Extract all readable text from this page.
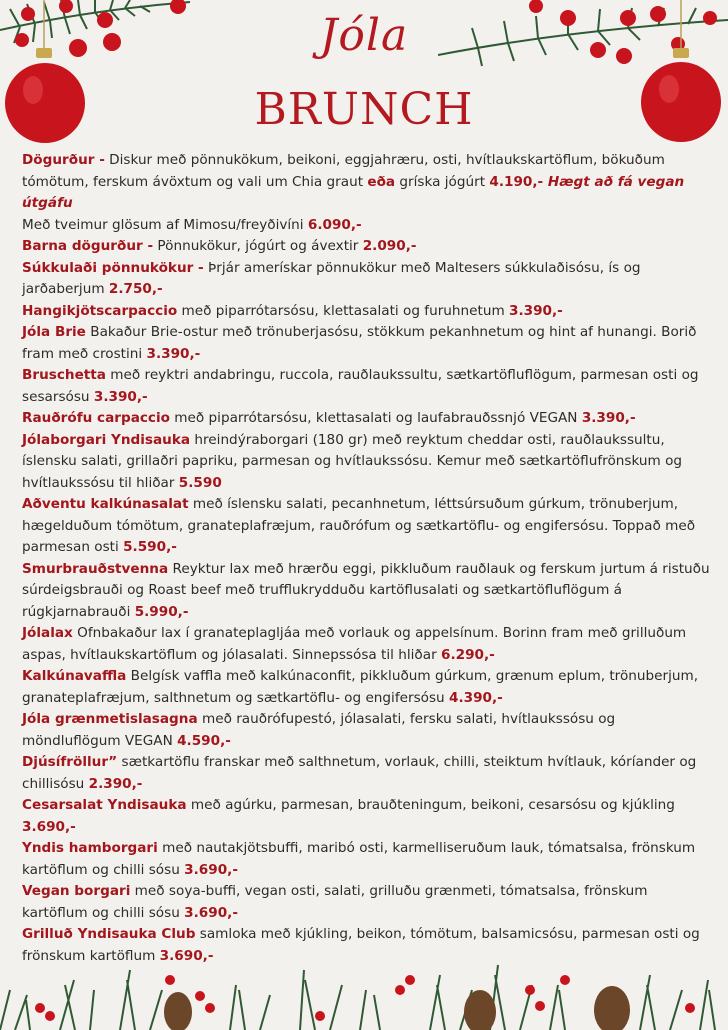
Jóla
BRUNCH

Dögurður - Diskur með pönnukökum, beikoni, eggjahræru, osti, hvítlaukskartöflum, bökuðum tómötum, ferskum ávöxtum og vali um Chia graut eða gríska jógúrt 4.190,- Hægt að fá vegan útgáfu

Með tveimur glösum af Mimosu/freyðivíni 6.090,-

Barna dögurður - Pönnukökur, jógúrt og ávextir 2.090,-

Súkkulaði pönnukökur - Þrjár amerískar pönnukökur með Maltesers súkkulaðisósu, ís og jarðaberjum 2.750,-

Hangikjötscarpaccio með piparrótarsósu, klettasalati og furuhnetum 3.390,-

Jóla Brie Bakaður Brie-ostur með trönuberjasósu, stökkum pekanhnetum og hint af hunangi. Borið fram með crostini 3.390,-

Bruschetta með reyktri andabringu, ruccola, rauðlaukssultu, sætkartöfluflögum, parmesan osti og sesarsósu 3.390,-

Rauðrófu carpaccio með piparrótarsósu, klettasalati og laufabrauðssnjó VEGAN 3.390,-

Jólaborgari Yndisauka hreindýraborgari (180 gr) með reyktum cheddar osti, rauðlaukssultu, íslensku salati, grillaðri papriku, parmesan og hvítlaukssósu. Kemur með sætkartöflufrönskum og hvítlaukssósu til hliðar 5.590

Aðventu kalkúnasalat með íslensku salati, pecanhnetum, léttsúrsuðum gúrkum, trönuberjum, hægelduðum tómötum, granateplafræjum, rauðrófum og sætkartöflu- og engifersósu. Toppað með parmesan osti 5.590,-

Smurbrauðstvenna Reyktur lax með hrærðu eggi, pikkluðum rauðlauk og ferskum jurtum á ristuðu súrdeigsbrauði og Roast beef með trufflukrydduðu kartöflusalati og sætkartöfluflögum á rúgkjarnabrauði 5.990,-

Jólalax Ofnbakaður lax í granateplagljáa með vorlauk og appelsínum. Borinn fram með grilluðum aspas, hvítlaukskartöflum og jólasalati. Sinnepssósa til hliðar 6.290,-

Kalkúnavaffla Belgísk vaffla með kalkúnaconfit, pikkluðum gúrkum, grænum eplum, trönuberjum, granateplafræjum, salthnetum og sætkartöflu- og engifersósu 4.390,-

Jóla grænmetislasagna með rauðrófupestó, jólasalati, fersku salati, hvítlaukssósu og möndluflögum VEGAN 4.590,-

Djúsífröllur” sætkartöflu franskar með salthnetum, vorlauk, chilli, steiktum hvítlauk, kóríander og chillisósu 2.390,-

Cesarsalat Yndisauka með agúrku, parmesan, brauðteningum, beikoni, cesarsósu og kjúkling 3.690,-

Yndis hamborgari með nautakjötsbuffi, maribó osti, karmelliseruðum lauk, tómatsalsa, frönskum kartöflum og chilli sósu 3.690,-

Vegan borgari með soya-buffi, vegan osti, salati, grilluðu grænmeti, tómatsalsa, frönskum kartöflum og chilli sósu 3.690,-

Grilluð Yndisauka Club samloka með kjúkling, beikon, tómötum, balsamicsósu, parmesan osti og frönskum kartöflum 3.690,-
